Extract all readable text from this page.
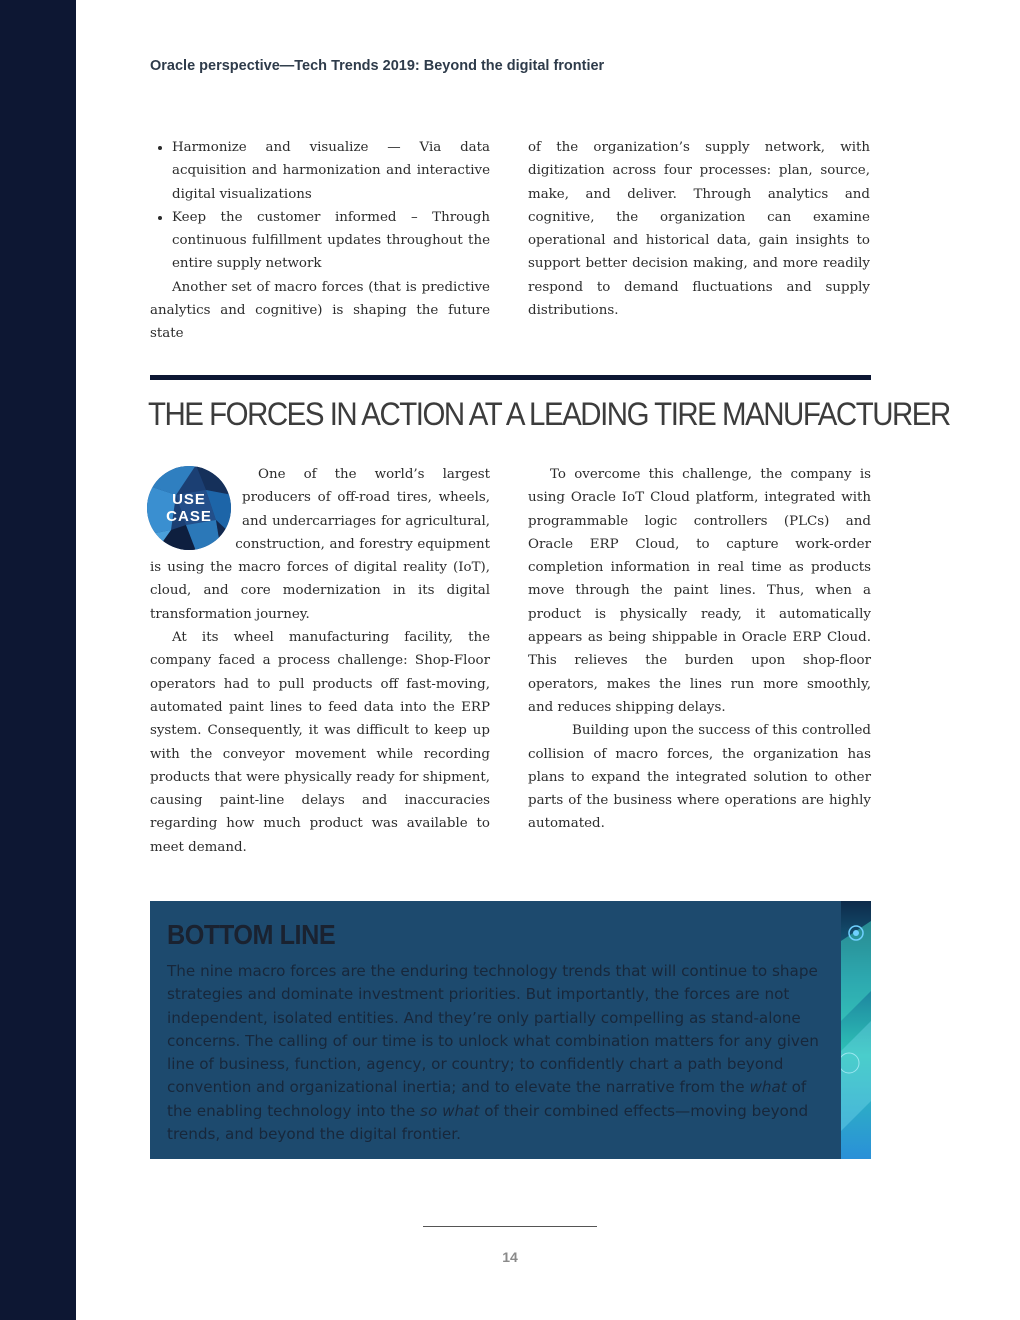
Oracle perspective—Tech Trends 2019: Beyond the digital frontier
• Harmonize and visualize — Via data acquisition and harmonization and interactive digital visualizations
• Keep the customer informed – Through continuous fulfillment updates throughout the entire supply network

Another set of macro forces (that is predictive analytics and cognitive) is shaping the future state

of the organization’s supply network, with digitization across four processes: plan, source, make, and deliver. Through analytics and cognitive, the organization can examine operational and historical data, gain insights to support better decision making, and more readily respond to demand fluctuations and supply distributions.

THE FORCES IN ACTION AT A LEADING TIRE MANUFACTURER
USE
CASE

One of the world’s largest producers of off-road tires, wheels, and undercarriages for agricultural, construction, and forestry equipment is using the macro forces of digital reality (IoT), cloud, and core modernization in its digital transformation journey.

At its wheel manufacturing facility, the company faced a process challenge: Shop-Floor operators had to pull products off fast-moving, automated paint lines to feed data into the ERP system. Consequently, it was difficult to keep up with the conveyor movement while recording products that were physically ready for shipment, causing paint-line delays and inaccuracies regarding how much product was available to meet demand.

To overcome this challenge, the company is using Oracle IoT Cloud platform, integrated with programmable logic controllers (PLCs) and Oracle ERP Cloud, to capture work-order completion information in real time as products move through the paint lines. Thus, when a product is physically ready, it automatically appears as being shippable in Oracle ERP Cloud. This relieves the burden upon shop-floor operators, makes the lines run more smoothly, and reduces shipping delays.

Building upon the success of this controlled collision of macro forces, the organization has plans to expand the integrated solution to other parts of the business where operations are highly automated.

BOTTOM LINE
The nine macro forces are the enduring technology trends that will continue to shape strategies and dominate investment priorities. But importantly, the forces are not independent, isolated entities. And they’re only partially compelling as stand-alone concerns. The calling of our time is to unlock what combination matters for any given line of business, function, agency, or country; to confidently chart a path beyond convention and organizational inertia; and to elevate the narrative from the what of the enabling technology into the so what of their combined effects—moving beyond trends, and beyond the digital frontier.
14
